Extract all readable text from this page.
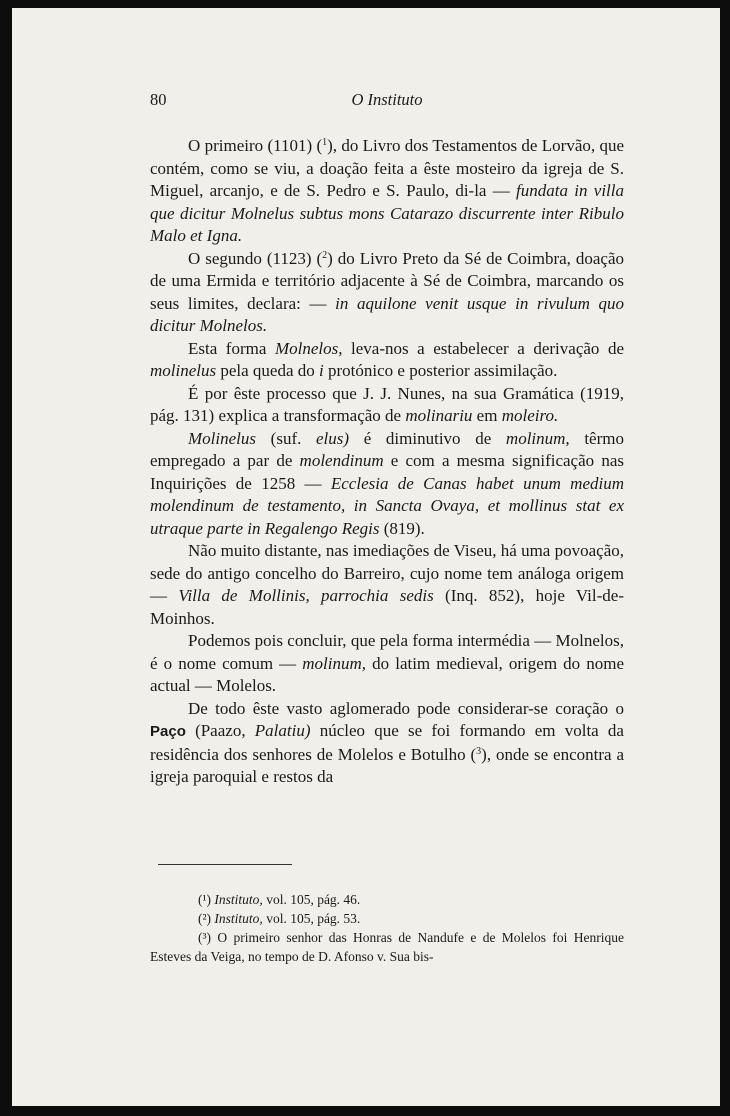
80	O Instituto

O primeiro (1101) ($^1$), do Livro dos Testamentos de Lorvão, que contém, como se viu, a doação feita a êste mosteiro da igreja de S. Miguel, arcanjo, e de S. Pedro e S. Paulo, di-la — fundata in villa que dicitur Molnelus subtus mons Catarazo discurrente inter Ribulo Malo et Igna.

O segundo (1123) ($^2$) do Livro Preto da Sé de Coimbra, doação de uma Ermida e território adjacente à Sé de Coimbra, marcando os seus limites, declara: — in aquilone venit usque in rivulum quo dicitur Molnelos.

Esta forma Molnelos, leva-nos a estabelecer a derivação de molinelus pela queda do i protónico e posterior assimilação.

É por êste processo que J. J. Nunes, na sua Gramática (1919, pág. 131) explica a transformação de molinariu em moleiro.

Molinelus (suf. elus) é diminutivo de molinum, têrmo empregado a par de molendinum e com a mesma significação nas Inquirições de 1258 — Ecclesia de Canas habet unum medium molendinum de testamento, in Sancta Ovaya, et mollinus stat ex utraque parte in Regalengo Regis (819).

Não muito distante, nas imediações de Viseu, há uma povoação, sede do antigo concelho do Barreiro, cujo nome tem análoga origem — Villa de Mollinis, parrochia sedis (Inq. 852), hoje Vil-de-Moinhos.

Podemos pois concluir, que pela forma intermédia — Molnelos, é o nome comum — molinum, do latim medieval, origem do nome actual — Molelos.

De todo êste vasto aglomerado pode considerar-se coração o Paço (Paazo, Palatiu) núcleo que se foi formando em volta da residência dos senhores de Molelos e Botulho ($^3$), onde se encontra a igreja paroquial e restos da

(¹) Instituto, vol. 105, pág. 46.

(²) Instituto, vol. 105, pág. 53.

(³) O primeiro senhor das Honras de Nandufe e de Molelos foi Henrique Esteves da Veiga, no tempo de D. Afonso v. Sua bis-
